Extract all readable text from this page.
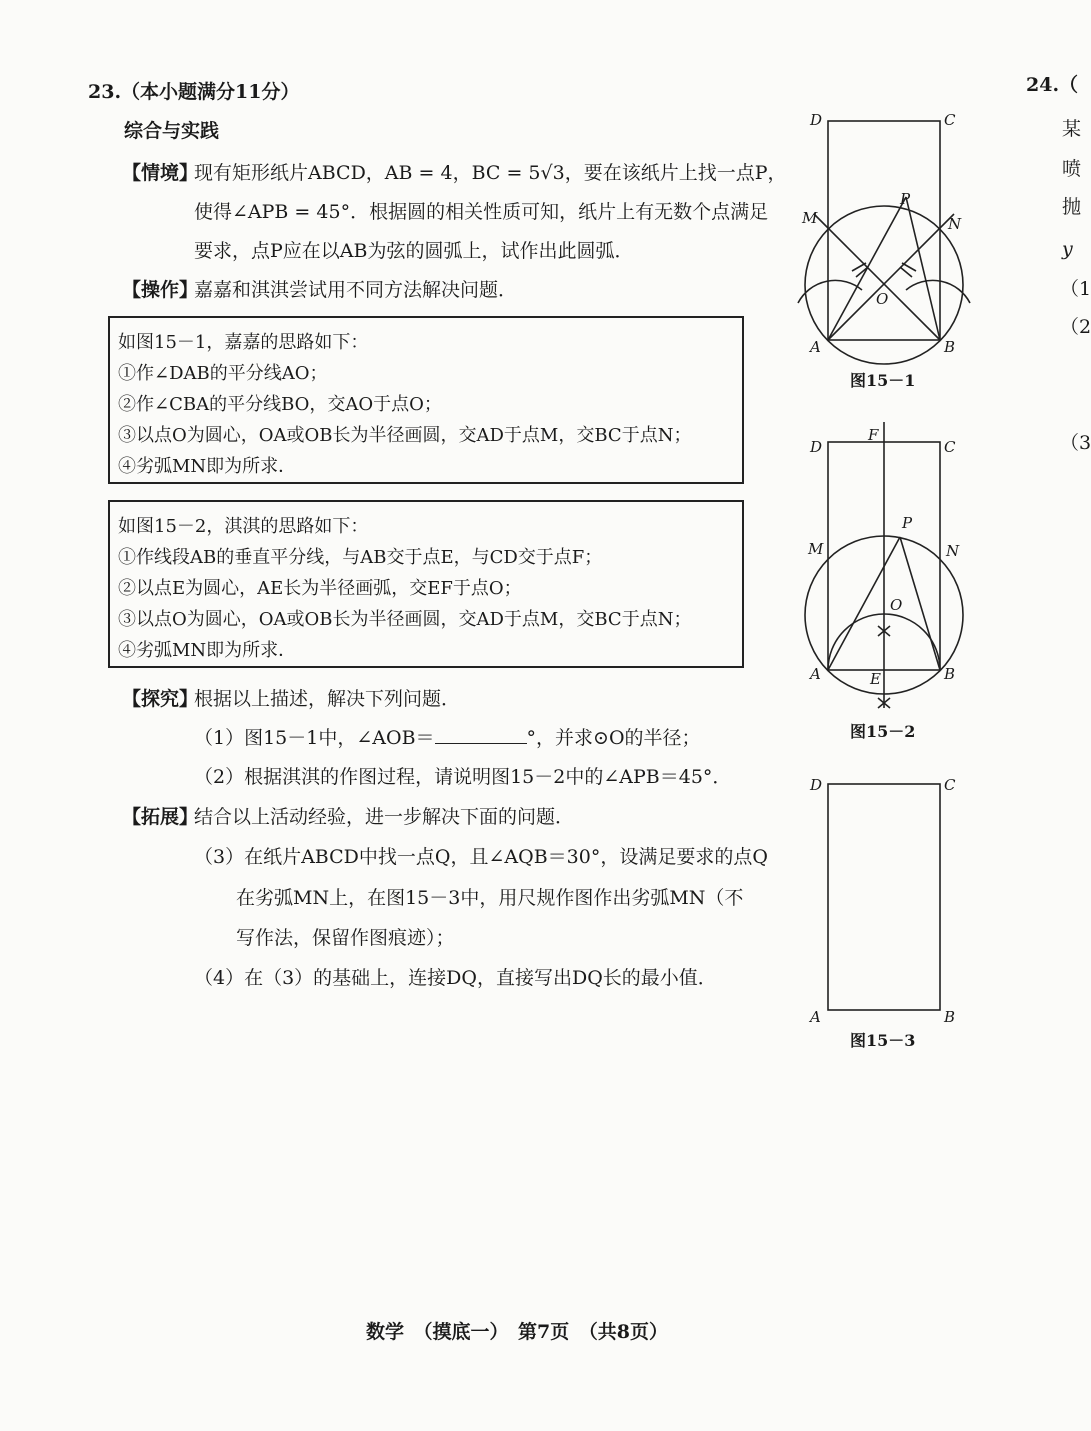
23.（本小题满分11分）
综合与实践
【情境】
现有矩形纸片ABCD，AB = 4，BC = 5√3，要在该纸片上找一点P，
使得∠APB = 45°．根据圆的相关性质可知，纸片上有无数个点满足
要求，点P应在以AB为弦的圆弧上，试作出此圆弧．
【操作】
嘉嘉和淇淇尝试用不同方法解决问题．
如图15－1，嘉嘉的思路如下：
①作∠DAB的平分线AO；
②作∠CBA的平分线BO，交AO于点O；
③以点O为圆心，OA或OB长为半径画圆，交AD于点M，交BC于点N；
④劣弧MN即为所求．
如图15－2，淇淇的思路如下：
①作线段AB的垂直平分线，与AB交于点E，与CD交于点F；
②以点E为圆心，AE长为半径画弧，交EF于点O；
③以点O为圆心，OA或OB长为半径画圆，交AD于点M，交BC于点N；
④劣弧MN即为所求．
【探究】
根据以上描述，解决下列问题．
（1）图15－1中，∠AOB＝	°，并求⊙O的半径；
（2）根据淇淇的作图过程，请说明图15－2中的∠APB＝45°．
【拓展】
结合以上活动经验，进一步解决下面的问题．
（3）在纸片ABCD中找一点Q，且∠AQB＝30°，设满足要求的点Q
在劣弧MN上，在图15－3中，用尺规作图作出劣弧MN（不
写作法，保留作图痕迹）；
（4）在（3）的基础上，连接DQ，直接写出DQ长的最小值．
D	C
M	N
P
O
A	B
图15－1
D
F
C
M	N
P
O
A	E	B
图15－2
D	C
A	B
图15－3
24.（
某
喷
抛
y
（1
（2
（3
数学　（摸底一）　第7页　（共8页）
